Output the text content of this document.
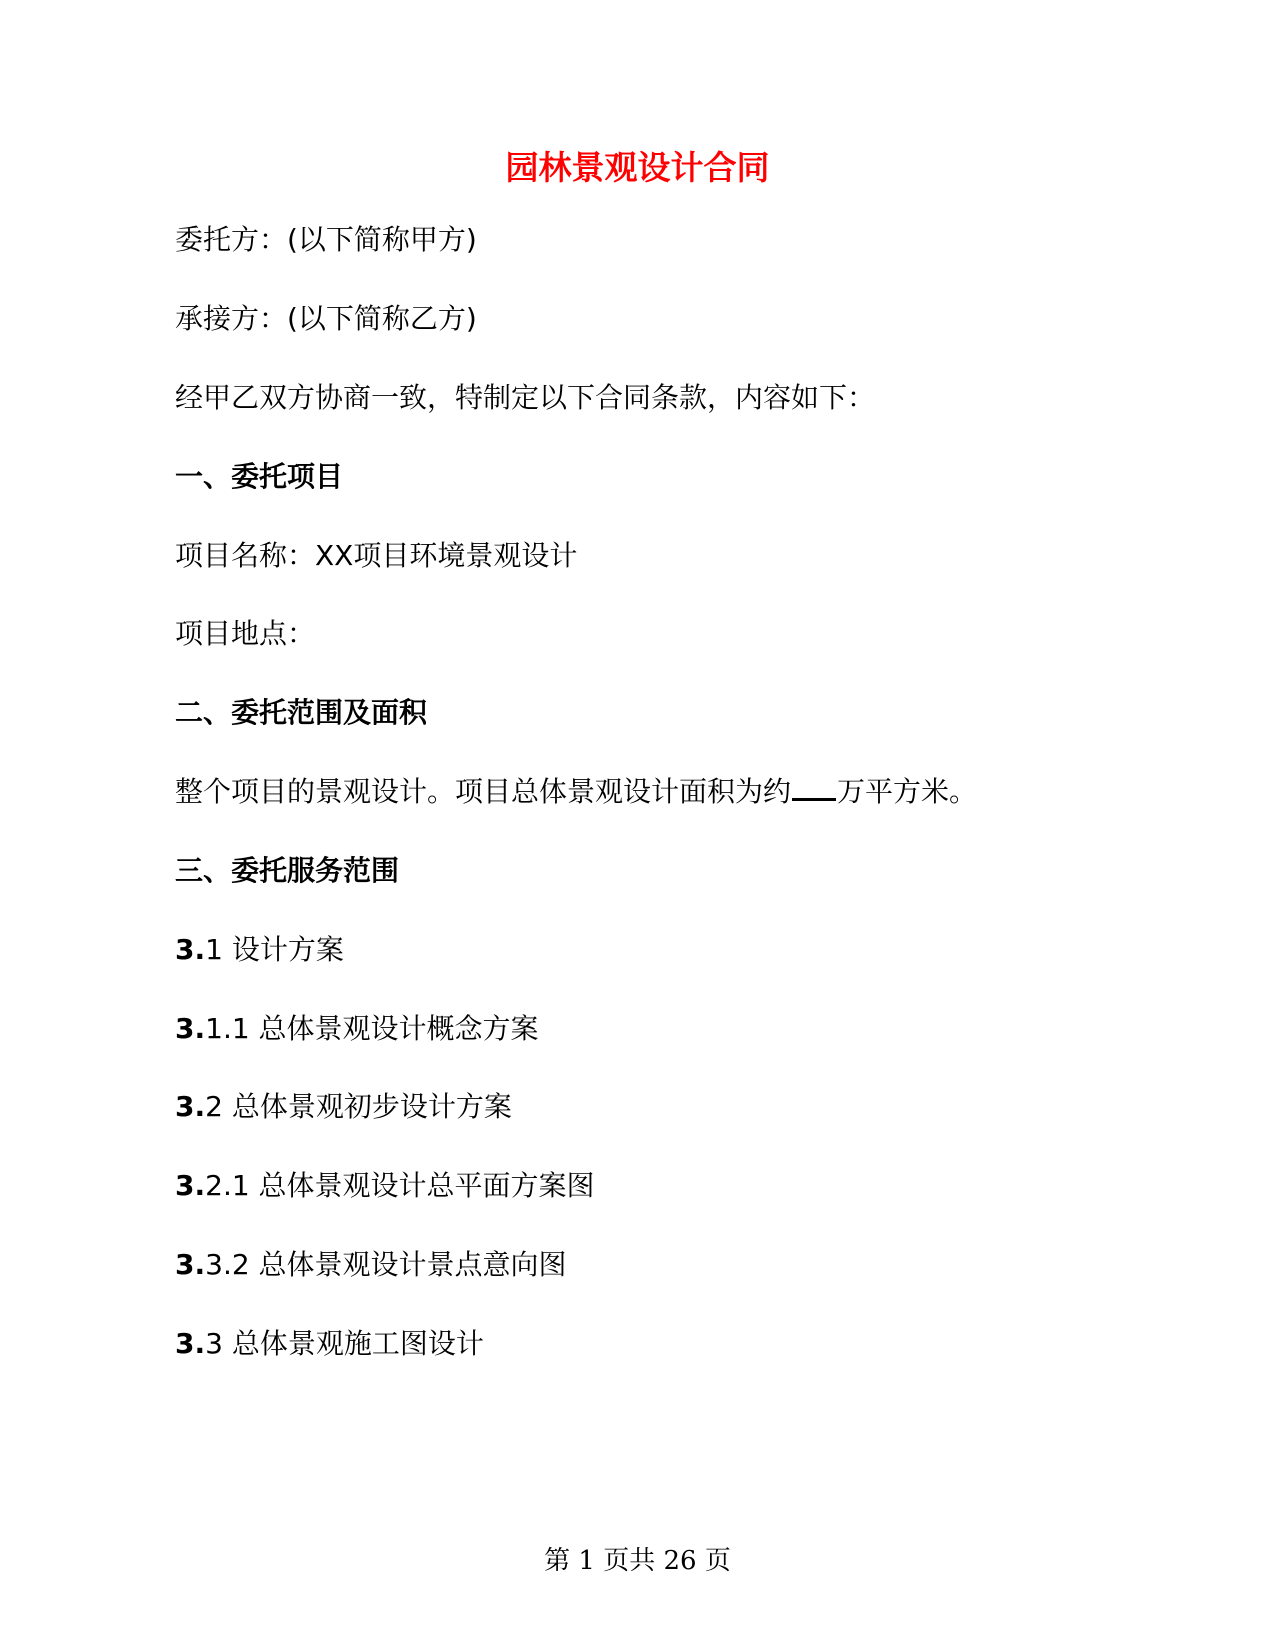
园林景观设计合同

委托方：(以下简称甲方)

承接方：(以下简称乙方)

经甲乙双方协商一致，特制定以下合同条款，内容如下：

一、委托项目

项目名称：XX项目环境景观设计

项目地点：

二、委托范围及面积

整个项目的景观设计。项目总体景观设计面积为约 万平方米。

三、委托服务范围

3.1 设计方案

3.1.1 总体景观设计概念方案

3.2 总体景观初步设计方案

3.2.1 总体景观设计总平面方案图

3.3.2 总体景观设计景点意向图

3.3 总体景观施工图设计

第 1 页共 26 页
